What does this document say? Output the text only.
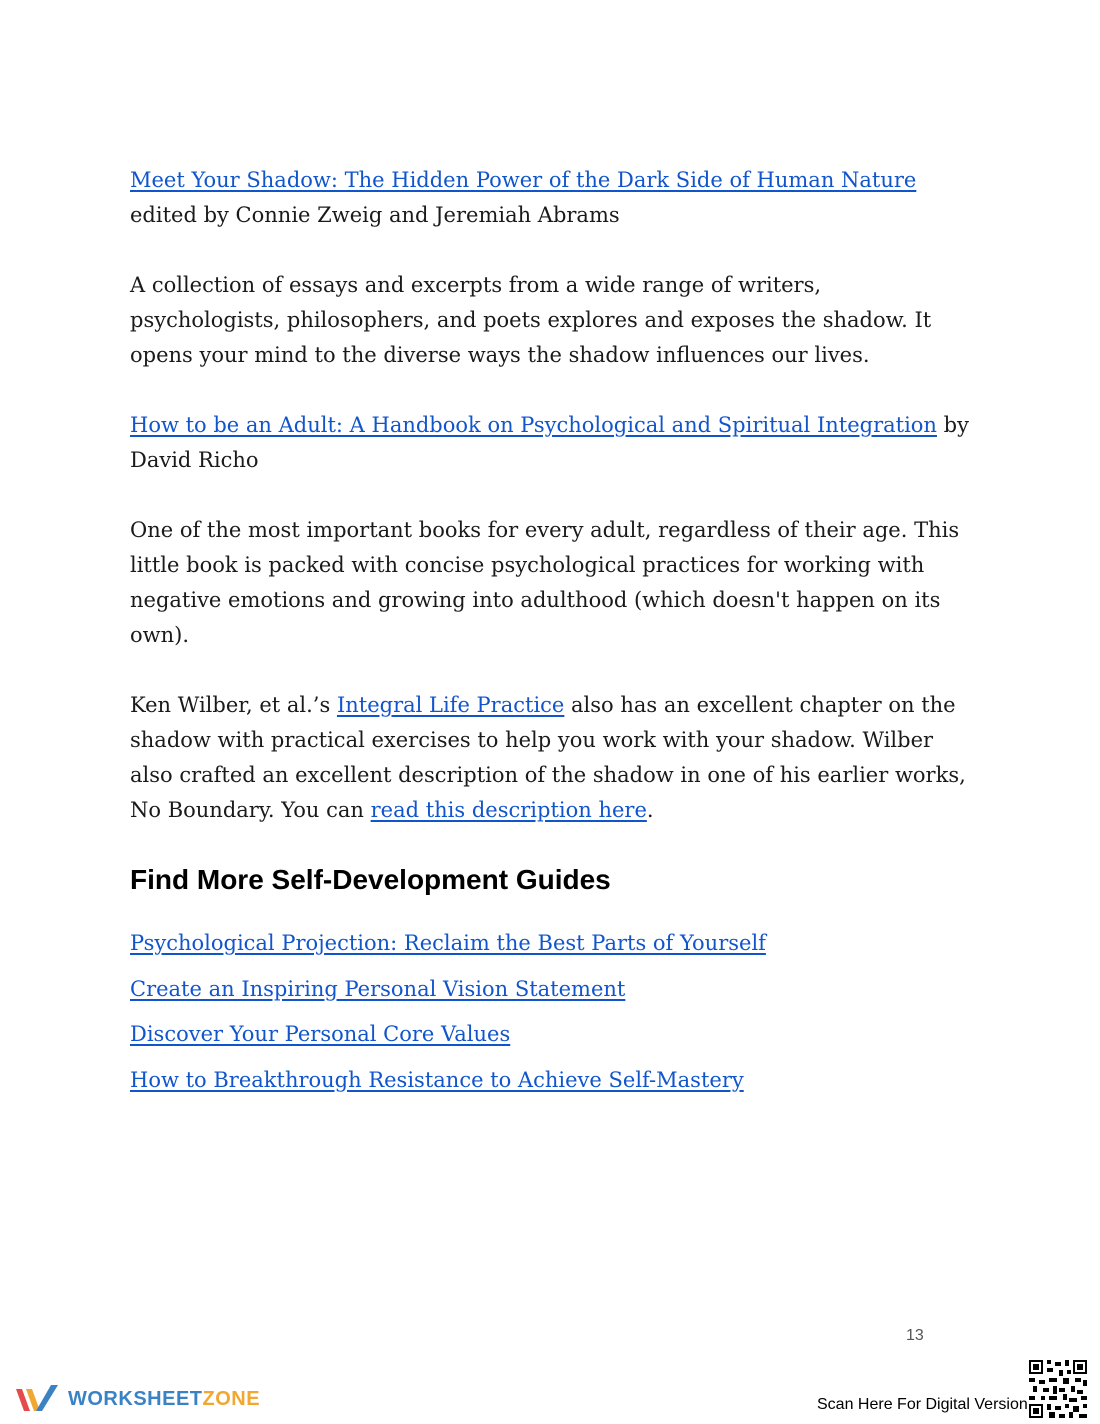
Meet Your Shadow: The Hidden Power of the Dark Side of Human Nature edited by Connie Zweig and Jeremiah Abrams

A collection of essays and excerpts from a wide range of writers, psychologists, philosophers, and poets explores and exposes the shadow. It opens your mind to the diverse ways the shadow influences our lives.

How to be an Adult: A Handbook on Psychological and Spiritual Integration by David Richo

One of the most important books for every adult, regardless of their age. This little book is packed with concise psychological practices for working with negative emotions and growing into adulthood (which doesn't happen on its own).

Ken Wilber, et al.’s Integral Life Practice also has an excellent chapter on the shadow with practical exercises to help you work with your shadow. Wilber also crafted an excellent description of the shadow in one of his earlier works, No Boundary. You can read this description here.

Find More Self-Development Guides
Psychological Projection: Reclaim the Best Parts of Yourself
Create an Inspiring Personal Vision Statement
Discover Your Personal Core Values
How to Breakthrough Resistance to Achieve Self-Mastery
13
WORKSHEETZONE	Scan Here For Digital Version
